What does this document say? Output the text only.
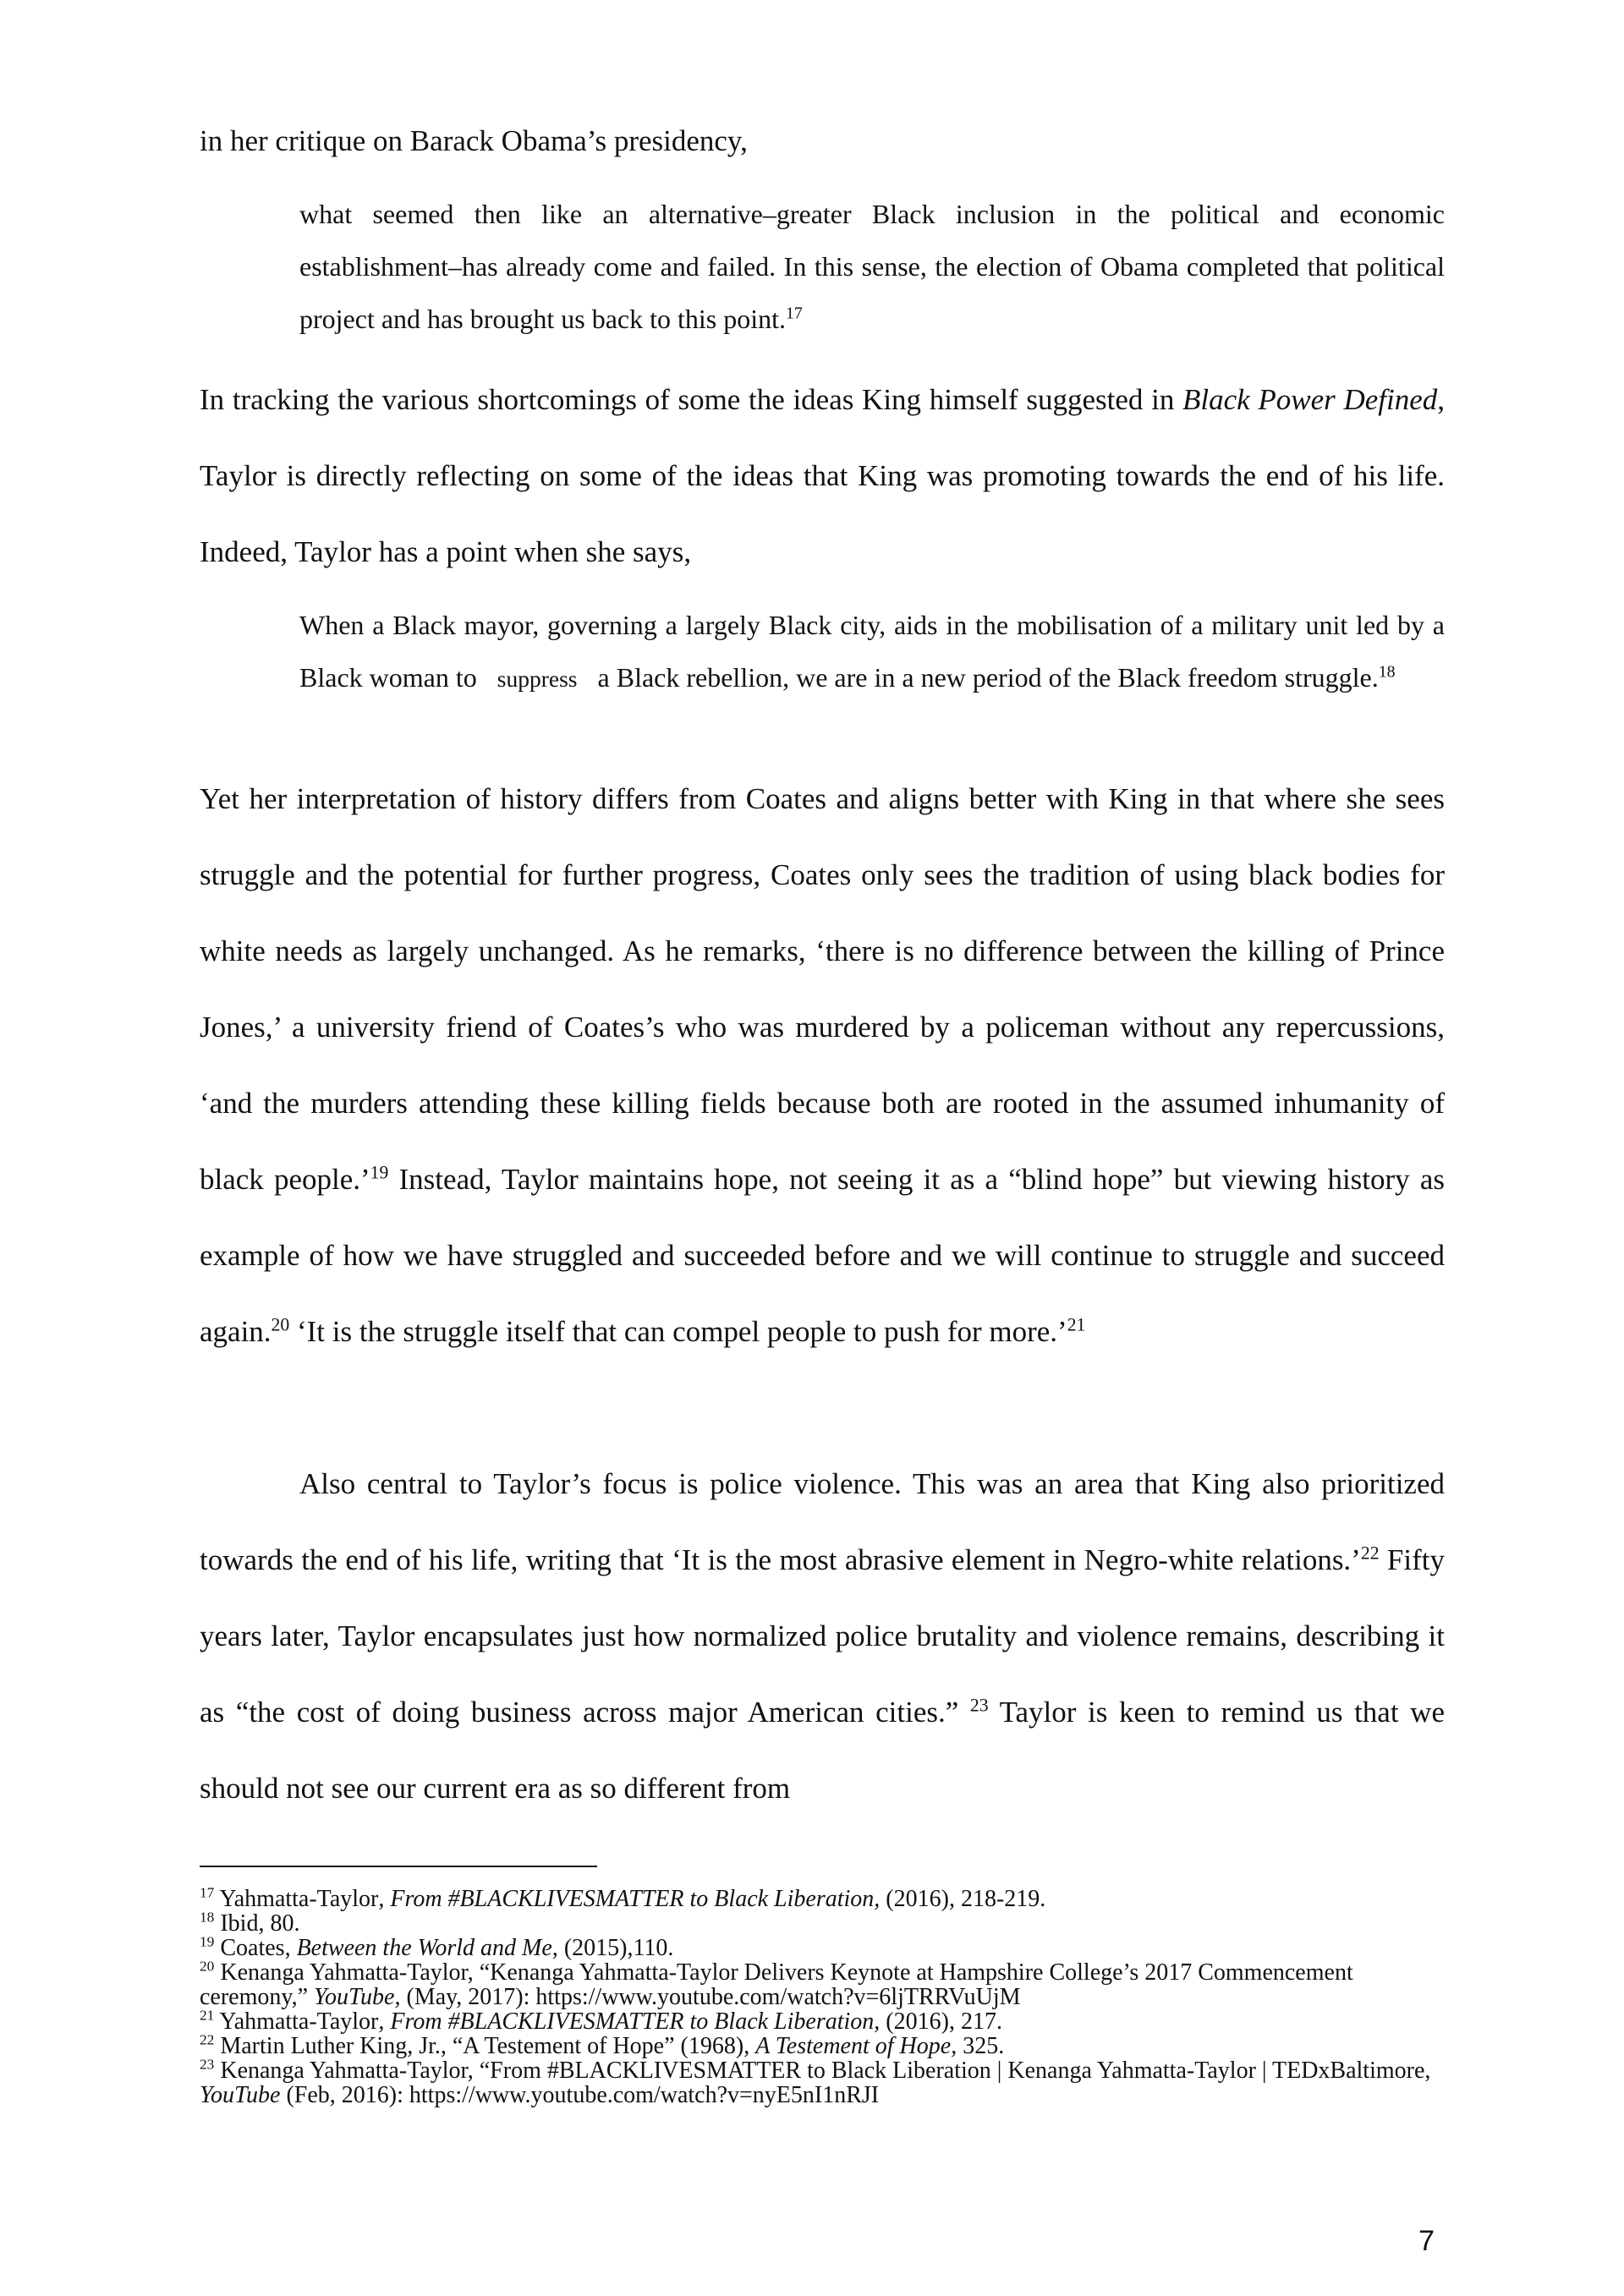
in her critique on Barack Obama’s presidency,

what seemed then like an alternative–greater Black inclusion in the political and economic establishment–has already come and failed. In this sense, the election of Obama completed that political project and has brought us back to this point.$^{17}$

In tracking the various shortcomings of some the ideas King himself suggested in Black Power Defined, Taylor is directly reflecting on some of the ideas that King was promoting towards the end of his life. Indeed, Taylor has a point when she says,

When a Black mayor, governing a largely Black city, aids in the mobilisation of a military unit led by a Black woman to suppress a Black rebellion, we are in a new period of the Black freedom struggle.$^{18}$

Yet her interpretation of history differs from Coates and aligns better with King in that where she sees struggle and the potential for further progress, Coates only sees the tradition of using black bodies for white needs as largely unchanged. As he remarks, ‘there is no difference between the killing of Prince Jones,’ a university friend of Coates’s who was murdered by a policeman without any repercussions, ‘and the murders attending these killing fields because both are rooted in the assumed inhumanity of black people.’$^{19}$ Instead, Taylor maintains hope, not seeing it as a “blind hope” but viewing history as example of how we have struggled and succeeded before and we will continue to struggle and succeed again.$^{20}$ ‘It is the struggle itself that can compel people to push for more.’$^{21}$

Also central to Taylor’s focus is police violence. This was an area that King also prioritized towards the end of his life, writing that ‘It is the most abrasive element in Negro-white relations.’$^{22}$ Fifty years later, Taylor encapsulates just how normalized police brutality and violence remains, describing it as “the cost of doing business across major American cities.” $^{23}$ Taylor is keen to remind us that we should not see our current era as so different from

$^{17}$ Yahmatta-Taylor, From #BLACKLIVESMATTER to Black Liberation, (2016), 218-219.

$^{18}$ Ibid, 80.

$^{19}$ Coates, Between the World and Me, (2015),110.

$^{20}$ Kenanga Yahmatta-Taylor, “Kenanga Yahmatta-Taylor Delivers Keynote at Hampshire College’s 2017 Commencement ceremony,” YouTube, (May, 2017): https://www.youtube.com/watch?v=6ljTRRVuUjM

$^{21}$ Yahmatta-Taylor, From #BLACKLIVESMATTER to Black Liberation, (2016), 217.

$^{22}$ Martin Luther King, Jr., “A Testement of Hope” (1968), A Testement of Hope, 325.

$^{23}$ Kenanga Yahmatta-Taylor, “From #BLACKLIVESMATTER to Black Liberation | Kenanga Yahmatta-Taylor | TEDxBaltimore, YouTube (Feb, 2016): https://www.youtube.com/watch?v=nyE5nI1nRJI

7
